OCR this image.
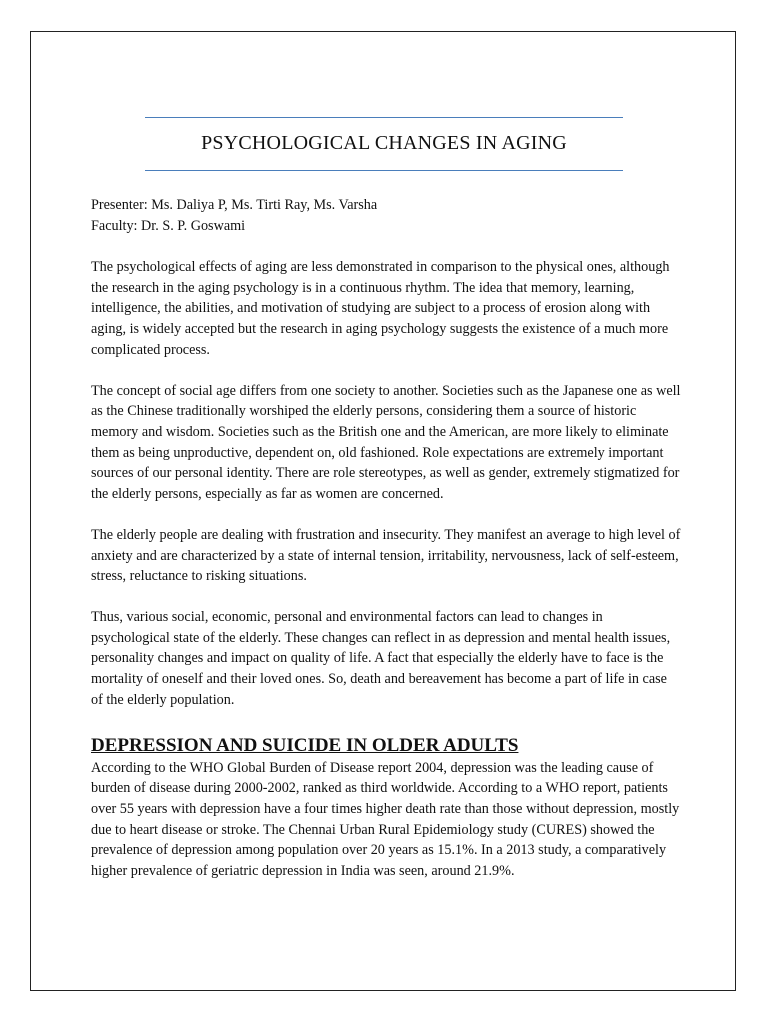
PSYCHOLOGICAL CHANGES IN AGING
Presenter: Ms. Daliya P, Ms. Tirti Ray, Ms. Varsha
Faculty: Dr. S. P. Goswami

The psychological effects of aging are less demonstrated in comparison to the physical ones, although the research in the aging psychology is in a continuous rhythm. The idea that memory, learning, intelligence, the abilities, and motivation of studying are subject to a process of erosion along with aging, is widely accepted but the research in aging psychology suggests the existence of a much more complicated process.

The concept of social age differs from one society to another. Societies such as the Japanese one as well as the Chinese traditionally worshiped the elderly persons, considering them a source of historic memory and wisdom. Societies such as the British one and the American, are more likely to eliminate them as being unproductive, dependent on, old fashioned. Role expectations are extremely important sources of our personal identity. There are role stereotypes, as well as gender, extremely stigmatized for the elderly persons, especially as far as women are concerned.

The elderly people are dealing with frustration and insecurity. They manifest an average to high level of anxiety and are characterized by a state of internal tension, irritability, nervousness, lack of self-esteem, stress, reluctance to risking situations.

Thus, various social, economic, personal and environmental factors can lead to changes in psychological state of the elderly. These changes can reflect in as depression and mental health issues, personality changes and impact on quality of life. A fact that especially the elderly have to face is the mortality of oneself and their loved ones. So, death and bereavement has become a part of life in case of the elderly population.

DEPRESSION AND SUICIDE IN OLDER ADULTS

According to the WHO Global Burden of Disease report 2004, depression was the leading cause of burden of disease during 2000-2002, ranked as third worldwide. According to a WHO report, patients over 55 years with depression have a four times higher death rate than those without depression, mostly due to heart disease or stroke. The Chennai Urban Rural Epidemiology study (CURES) showed the prevalence of depression among population over 20 years as 15.1%. In a 2013 study, a comparatively higher prevalence of geriatric depression in India was seen, around 21.9%.
